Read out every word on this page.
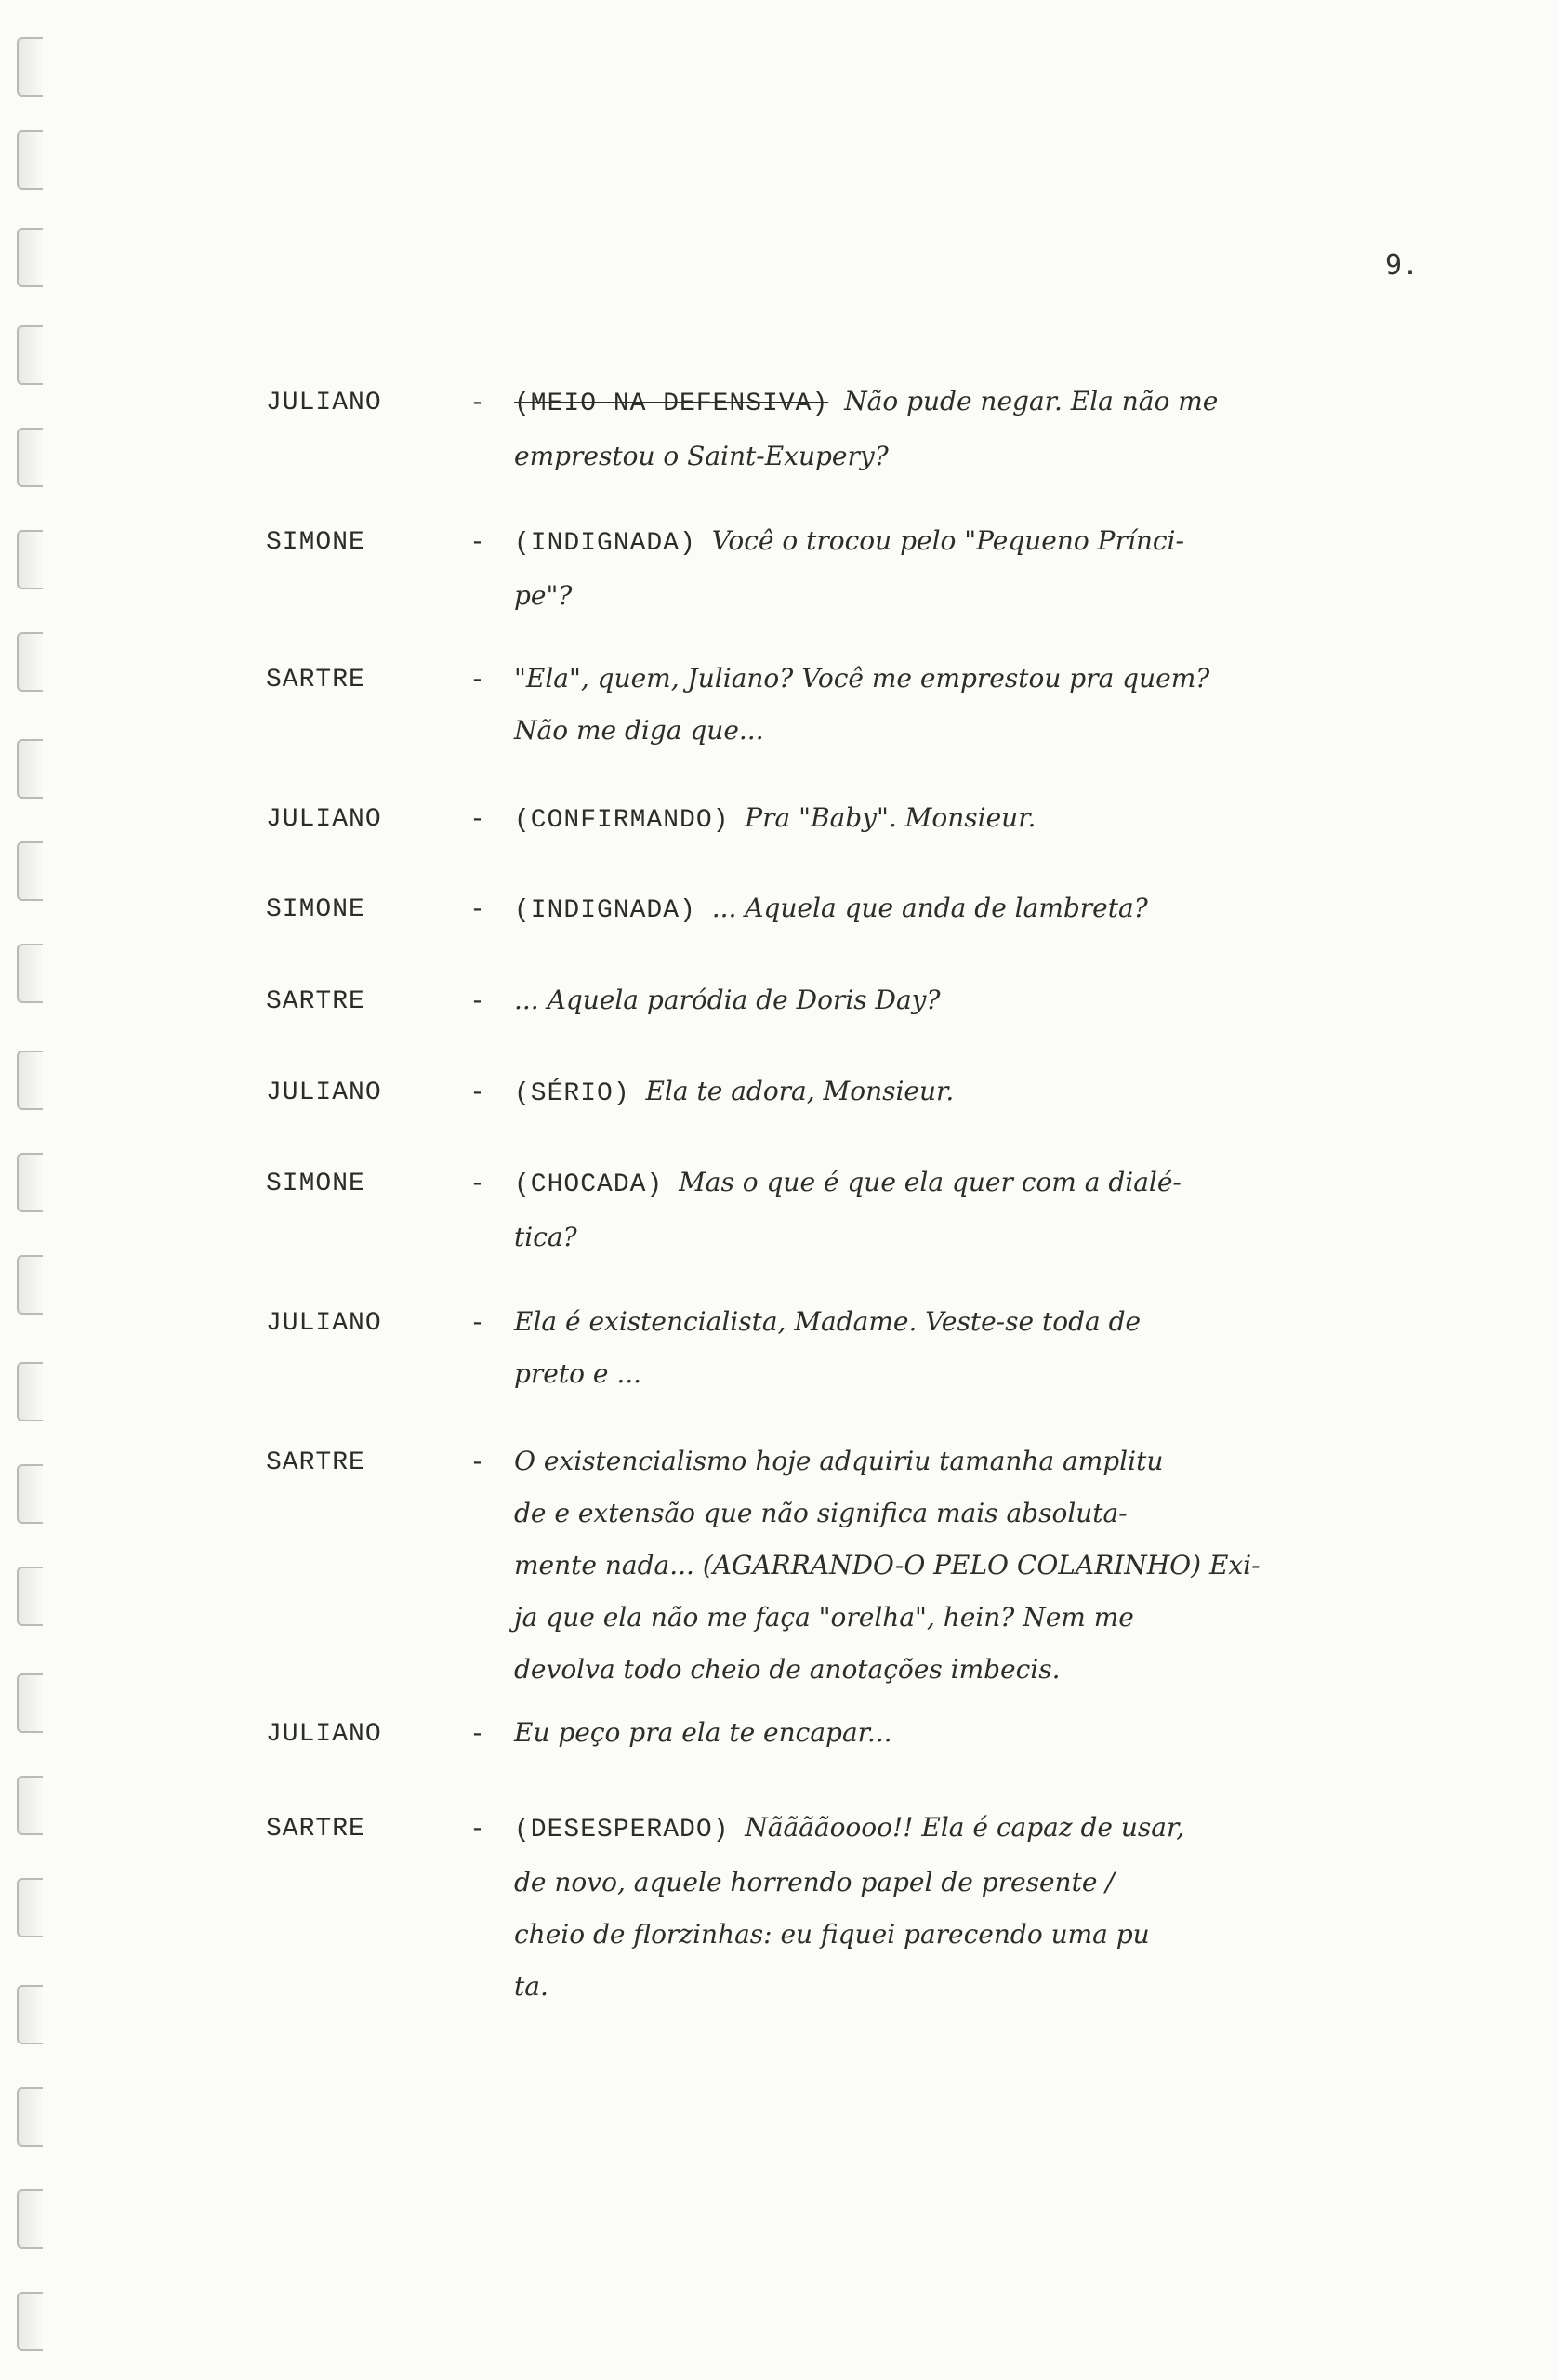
9.
JULIANO	- (MEIO NA DEFENSIVA) Não pude negar. Ela não me
emprestou o Saint-Exupery?
SIMONE	- (INDIGNADA) Você o trocou pelo "Pequeno Prínci-
pe"?
SARTRE	- "Ela", quem, Juliano? Você me emprestou pra quem?
Não me diga que...
JULIANO	- (CONFIRMANDO) Pra "Baby". Monsieur.
SIMONE	- (INDIGNADA) ... Aquela que anda de lambreta?
SARTRE	- ... Aquela paródia de Doris Day?
JULIANO	- (SÉRIO) Ela te adora, Monsieur.
SIMONE	- (CHOCADA) Mas o que é que ela quer com a dialé-
tica?
JULIANO	- Ela é existencialista, Madame. Veste-se toda de
preto e ...
SARTRE	- O existencialismo hoje adquiriu tamanha amplitu
de e extensão que não significa mais absoluta-
mente nada... (AGARRANDO-O PELO COLARINHO) Exi-
ja que ela não me faça "orelha", hein? Nem me
devolva todo cheio de anotações imbecis.
JULIANO	- Eu peço pra ela te encapar...
SARTRE	- (DESESPERADO) Nããããoooo!! Ela é capaz de usar,
de novo, aquele horrendo papel de presente /
cheio de florzinhas: eu fiquei parecendo uma pu
ta.
